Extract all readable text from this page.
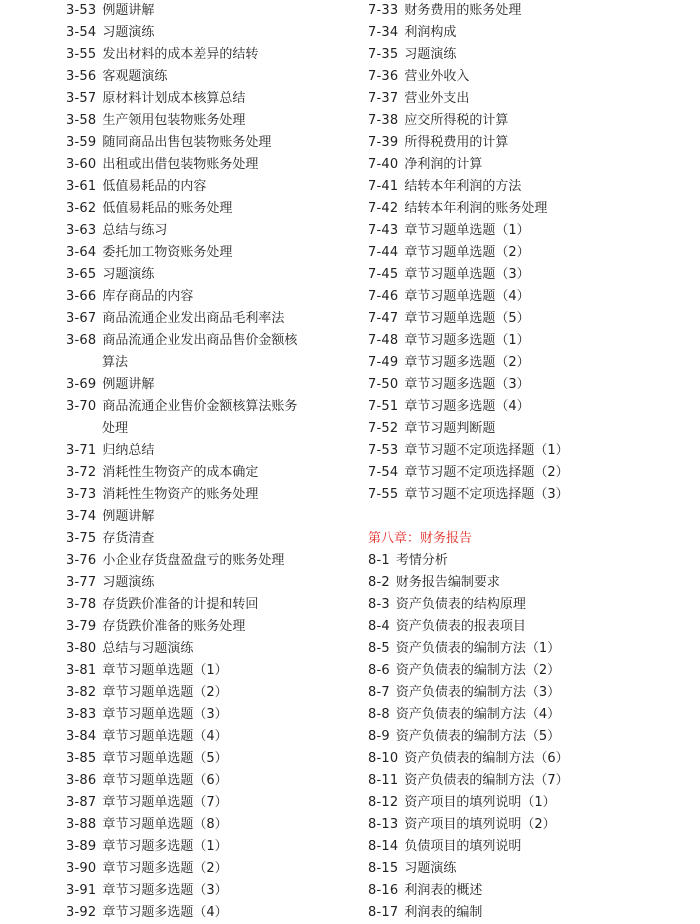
3-53 例题讲解
3-54 习题演练
3-55 发出材料的成本差异的结转
3-56 客观题演练
3-57 原材料计划成本核算总结
3-58 生产领用包装物账务处理
3-59 随同商品出售包装物账务处理
3-60 出租或出借包装物账务处理
3-61 低值易耗品的内容
3-62 低值易耗品的账务处理
3-63 总结与练习
3-64 委托加工物资账务处理
3-65 习题演练
3-66 库存商品的内容
3-67 商品流通企业发出商品毛利率法
3-68 商品流通企业发出商品售价金额核
算法
3-69 例题讲解
3-70 商品流通企业售价金额核算法账务
处理
3-71 归纳总结
3-72 消耗性生物资产的成本确定
3-73 消耗性生物资产的账务处理
3-74 例题讲解
3-75 存货清查
3-76 小企业存货盘盈盘亏的账务处理
3-77 习题演练
3-78 存货跌价准备的计提和转回
3-79 存货跌价准备的账务处理
3-80 总结与习题演练
3-81 章节习题单选题（1）
3-82 章节习题单选题（2）
3-83 章节习题单选题（3）
3-84 章节习题单选题（4）
3-85 章节习题单选题（5）
3-86 章节习题单选题（6）
3-87 章节习题单选题（7）
3-88 章节习题单选题（8）
3-89 章节习题多选题（1）
3-90 章节习题多选题（2）
3-91 章节习题多选题（3）
3-92 章节习题多选题（4）
7-33 财务费用的账务处理
7-34 利润构成
7-35 习题演练
7-36 营业外收入
7-37 营业外支出
7-38 应交所得税的计算
7-39 所得税费用的计算
7-40 净利润的计算
7-41 结转本年利润的方法
7-42 结转本年利润的账务处理
7-43 章节习题单选题（1）
7-44 章节习题单选题（2）
7-45 章节习题单选题（3）
7-46 章节习题单选题（4）
7-47 章节习题单选题（5）
7-48 章节习题多选题（1）
7-49 章节习题多选题（2）
7-50 章节习题多选题（3）
7-51 章节习题多选题（4）
7-52 章节习题判断题
7-53 章节习题不定项选择题（1）
7-54 章节习题不定项选择题（2）
7-55 章节习题不定项选择题（3）
第八章：财务报告
8-1 考情分析
8-2 财务报告编制要求
8-3 资产负债表的结构原理
8-4 资产负债表的报表项目
8-5 资产负债表的编制方法（1）
8-6 资产负债表的编制方法（2）
8-7 资产负债表的编制方法（3）
8-8 资产负债表的编制方法（4）
8-9 资产负债表的编制方法（5）
8-10 资产负债表的编制方法（6）
8-11 资产负债表的编制方法（7）
8-12 资产项目的填列说明（1）
8-13 资产项目的填列说明（2）
8-14 负债项目的填列说明
8-15 习题演练
8-16 利润表的概述
8-17 利润表的编制
